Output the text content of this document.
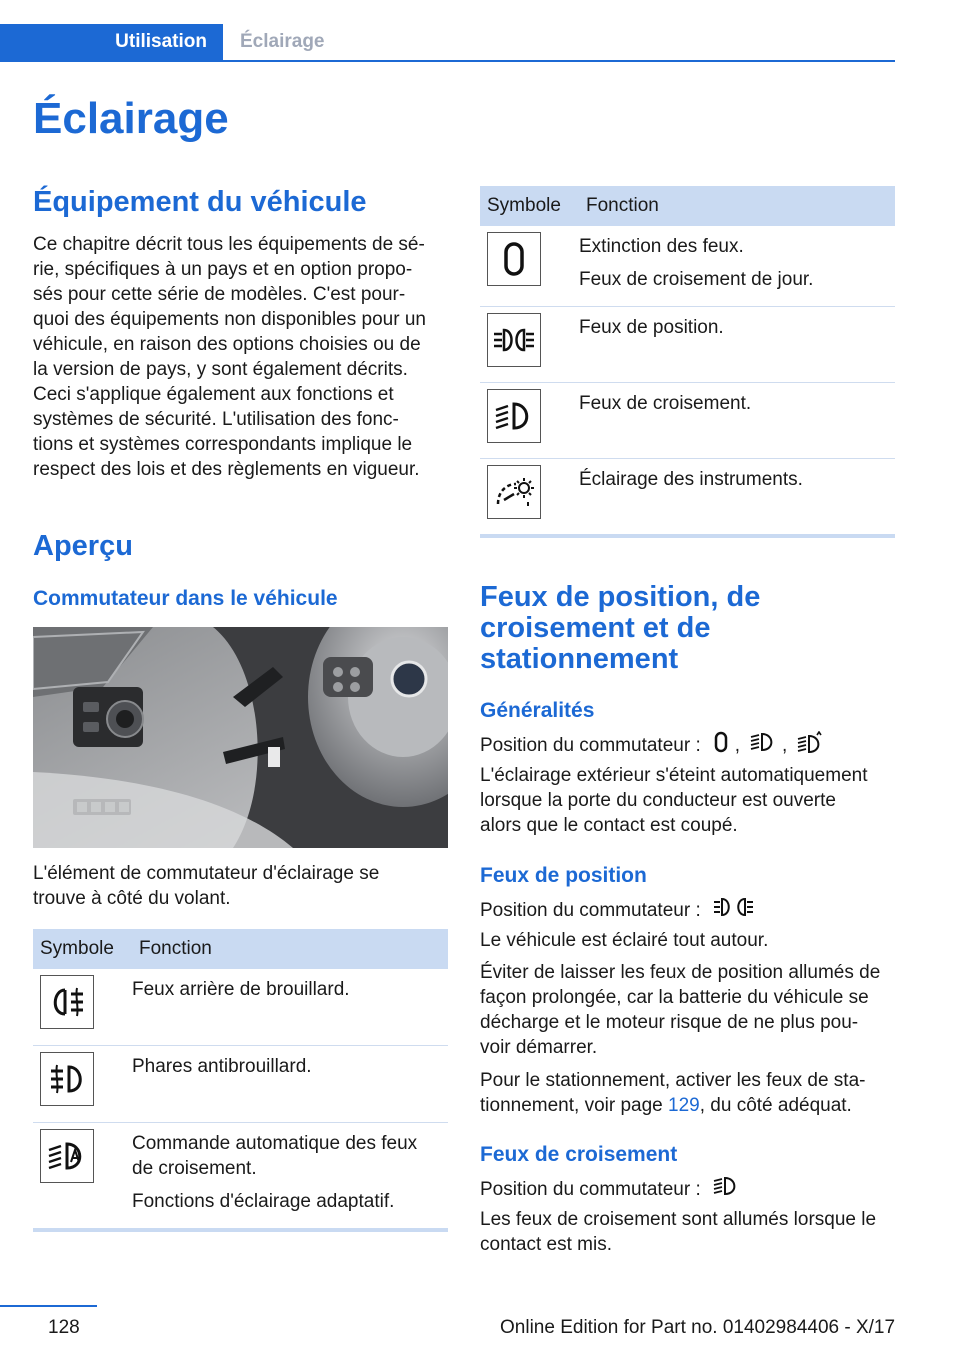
Utilisation	Éclairage
Éclairage
Équipement du véhicule
Ce chapitre décrit tous les équipements de sé‐
rie, spécifiques à un pays et en option propo‐
sés pour cette série de modèles. C'est pour‐
quoi des équipements non disponibles pour un
véhicule, en raison des options choisies ou de
la version de pays, y sont également décrits.
Ceci s'applique également aux fonctions et
systèmes de sécurité. L'utilisation des fonc‐
tions et systèmes correspondants implique le
respect des lois et des règlements en vigueur.
Aperçu
Commutateur dans le véhicule
L'élément de commutateur d'éclairage se
trouve à côté du volant.
Symbole	Fonction

Feux arrière de brouillard.

Phares antibrouillard.

Commande automatique des feux de croisement.

Fonctions d'éclairage adaptatif.

Symbole	Fonction

Extinction des feux.

Feux de croisement de jour.

Feux de position.

Feux de croisement.

Éclairage des instruments.

Feux de position, de
croisement et de
stationnement
Généralités
Position du commutateur : , ,
L'éclairage extérieur s'éteint automatiquement
lorsque la porte du conducteur est ouverte
alors que le contact est coupé.
Feux de position
Position du commutateur :
Le véhicule est éclairé tout autour.
Éviter de laisser les feux de position allumés de
façon prolongée, car la batterie du véhicule se
décharge et le moteur risque de ne plus pou‐
voir démarrer.
Pour le stationnement, activer les feux de sta‐
tionnement, voir page 129, du côté adéquat.
Feux de croisement
Position du commutateur :
Les feux de croisement sont allumés lorsque le
contact est mis.
128	Online Edition for Part no. 01402984406 - X/17
